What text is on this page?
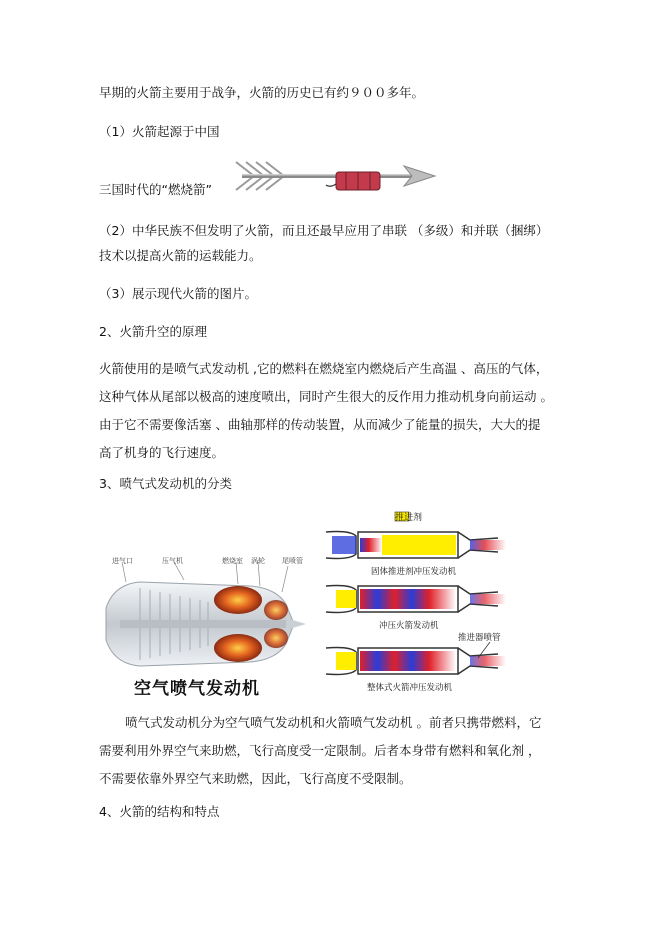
早期的火箭主要用于战争，火箭的历史已有约９００多年。
（1）火箭起源于中国
三国时代的“燃烧箭”
（2）中华民族不但发明了火箭，而且还最早应用了串联 （多级）和并联（捆绑）
技术以提高火箭的运载能力。
（3）展示现代火箭的图片。
2、火箭升空的原理

火箭使用的是喷气式发动机 ,它的燃料在燃烧室内燃烧后产生高温 、高压的气体，

这种气体从尾部以极高的速度喷出，同时产生很大的反作用力推动机身向前运动 。

由于它不需要像活塞 、曲轴那样的传动装置，从而减少了能量的损失，大大的提

高了机身的飞行速度。

3、喷气式发动机的分类
进气口	压气机	燃烧室 涡轮 尾喷管
空气喷气发动机
推进剂
固体推进剂冲压发动机
冲压火箭发动机
推进器喷管
整体式火箭冲压发动机

喷气式发动机分为空气喷气发动机和火箭喷气发动机 。前者只携带燃料，它

需要利用外界空气来助燃，飞行高度受一定限制。后者本身带有燃料和氧化剂 ，

不需要依靠外界空气来助燃，因此，飞行高度不受限制。

4、火箭的结构和特点
